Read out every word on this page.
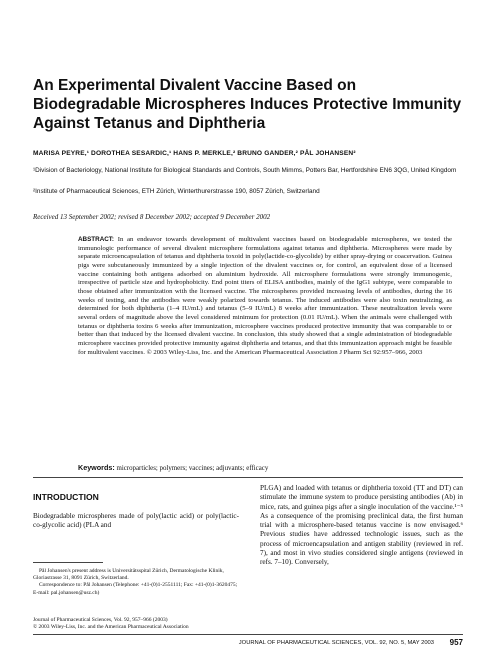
An Experimental Divalent Vaccine Based on Biodegradable Microspheres Induces Protective Immunity Against Tetanus and Diphtheria
MARISA PEYRE,¹ DOROTHEA SESARDIC,¹ HANS P. MERKLE,² BRUNO GANDER,² PÅL JOHANSEN²
¹Division of Bacteriology, National Institute for Biological Standards and Controls, South Mimms, Potters Bar, Hertfordshire EN6 3QG, United Kingdom
²Institute of Pharmaceutical Sciences, ETH Zürich, Winterthurerstrasse 190, 8057 Zürich, Switzerland
Received 13 September 2002; revised 8 December 2002; accepted 9 December 2002
ABSTRACT: In an endeavor towards development of multivalent vaccines based on biodegradable microspheres, we tested the immunologic performance of several divalent microsphere formulations against tetanus and diphtheria. Microspheres were made by separate microencapsulation of tetanus and diphtheria toxoid in poly(lactide-co-glycolide) by either spray-drying or coacervation. Guinea pigs were subcutaneously immunized by a single injection of the divalent vaccines or, for control, an equivalent dose of a licensed vaccine containing both antigens adsorbed on aluminium hydroxide. All microsphere formulations were strongly immunogenic, irrespective of particle size and hydrophobicity. End point titers of ELISA antibodies, mainly of the IgG1 subtype, were comparable to those obtained after immunization with the licensed vaccine. The microspheres provided increasing levels of antibodies, during the 16 weeks of testing, and the antibodies were weakly polarized towards tetanus. The induced antibodies were also toxin neutralizing, as determined for both diphtheria (1–4 IU/mL) and tetanus (5–9 IU/mL) 8 weeks after immunization. These neutralization levels were several orders of magnitude above the level considered minimum for protection (0.01 IU/mL). When the animals were challenged with tetanus or diphtheria toxins 6 weeks after immunization, microsphere vaccines produced protective immunity that was comparable to or better than that induced by the licensed divalent vaccine. In conclusion, this study showed that a single administration of biodegradable microsphere vaccines provided protective immunity against diphtheria and tetanus, and that this immunization approach might be feasible for multivalent vaccines. © 2003 Wiley-Liss, Inc. and the American Pharmaceutical Association J Pharm Sci 92:957–966, 2003
Keywords: microparticles; polymers; vaccines; adjuvants; efficacy
INTRODUCTION
Biodegradable microspheres made of poly(lactic acid) or poly(lactic-co-glycolic acid) (PLA and

Pål Johansen's present address is Universitätsspital Zürich, Dermatologische Klinik, Gloriastrasse 31, 8091 Zürich, Switzerland.

Correspondence to: Pål Johansen (Telephone: +41-(0)1-2551111; Fax: +41-(0)1-3620475; E-mail: pal.johansen@usz.ch)

Journal of Pharmaceutical Sciences, Vol. 92, 957–966 (2003)
© 2003 Wiley-Liss, Inc. and the American Pharmaceutical Association
PLGA) and loaded with tetanus or diphtheria toxoid (TT and DT) can stimulate the immune system to produce persisting antibodies (Ab) in mice, rats, and guinea pigs after a single inoculation of the vaccine.¹⁻⁵ As a consequence of the promising preclinical data, the first human trial with a microsphere-based tetanus vaccine is now envisaged.⁶ Previous studies have addressed technologic issues, such as the process of microencapsulation and antigen stability (reviewed in ref. 7), and most in vivo studies considered single antigens (reviewed in refs. 7–10). Conversely,
JOURNAL OF PHARMACEUTICAL SCIENCES, VOL. 92, NO. 5, MAY 2003 957
